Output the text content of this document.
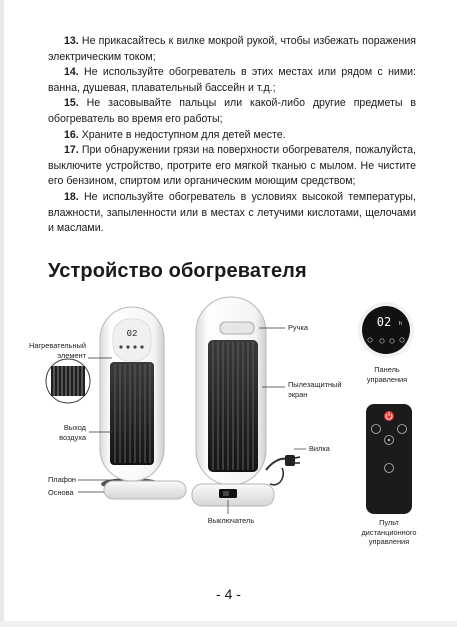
13. Не прикасайтесь к вилке мокрой рукой, чтобы избежать поражения электрическим током;

14. Не используйте обогреватель в этих местах или рядом с ними: ванна, душевая, плавательный бассейн и т.д.;

15. Не засовывайте пальцы или какой-либо другие предметы в обогреватель во время его работы;

16. Храните в недоступном для детей месте.

17. При обнаружении грязи на поверхности обогревателя, пожалуйста, выключите устройство, протрите его мягкой тканью с мылом. Не чистите его бензином, спиртом или органическим моющим средством;

18. Не используйте обогреватель в условиях высокой температуры, влажности, запыленности или в местах с летучими кислотами, щелочами и маслами.

Устройство обогревателя
02
02 h
Нагревательный элемент
Выход воздуха
Плафон
Основа
Ручка
Пылезащитный экран
Вилка
Выключатель
Панель управления
Пульт дистанционного управления
- 4 -
